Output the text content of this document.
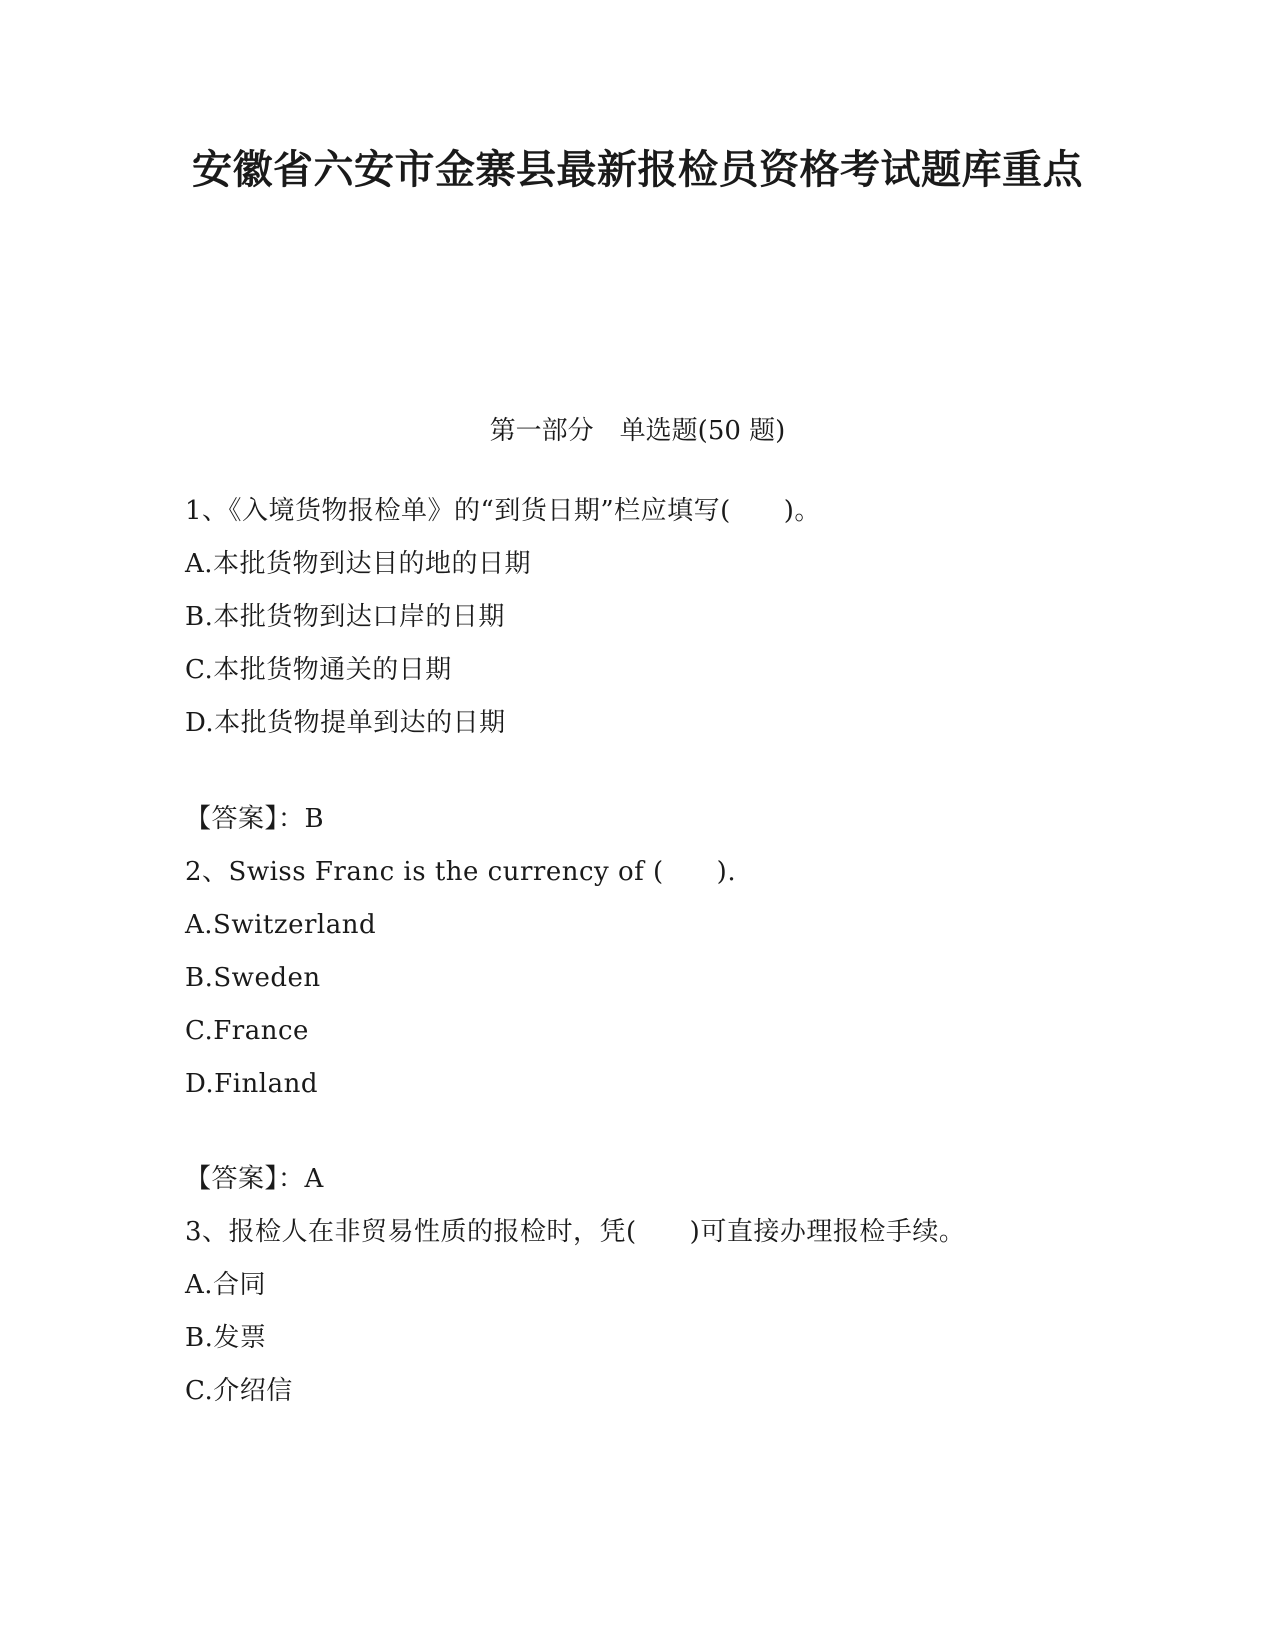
安徽省六安市金寨县最新报检员资格考试题库重点
第一部分　单选题(50 题)
1、《入境货物报检单》的“到货日期”栏应填写(　　)。
A.本批货物到达目的地的日期
B.本批货物到达口岸的日期
C.本批货物通关的日期
D.本批货物提单到达的日期
【答案】：B
2、Swiss Franc is the currency of (　　).
A.Switzerland
B.Sweden
C.France
D.Finland
【答案】：A
3、报检人在非贸易性质的报检时，凭(　　)可直接办理报检手续。
A.合同
B.发票
C.介绍信
